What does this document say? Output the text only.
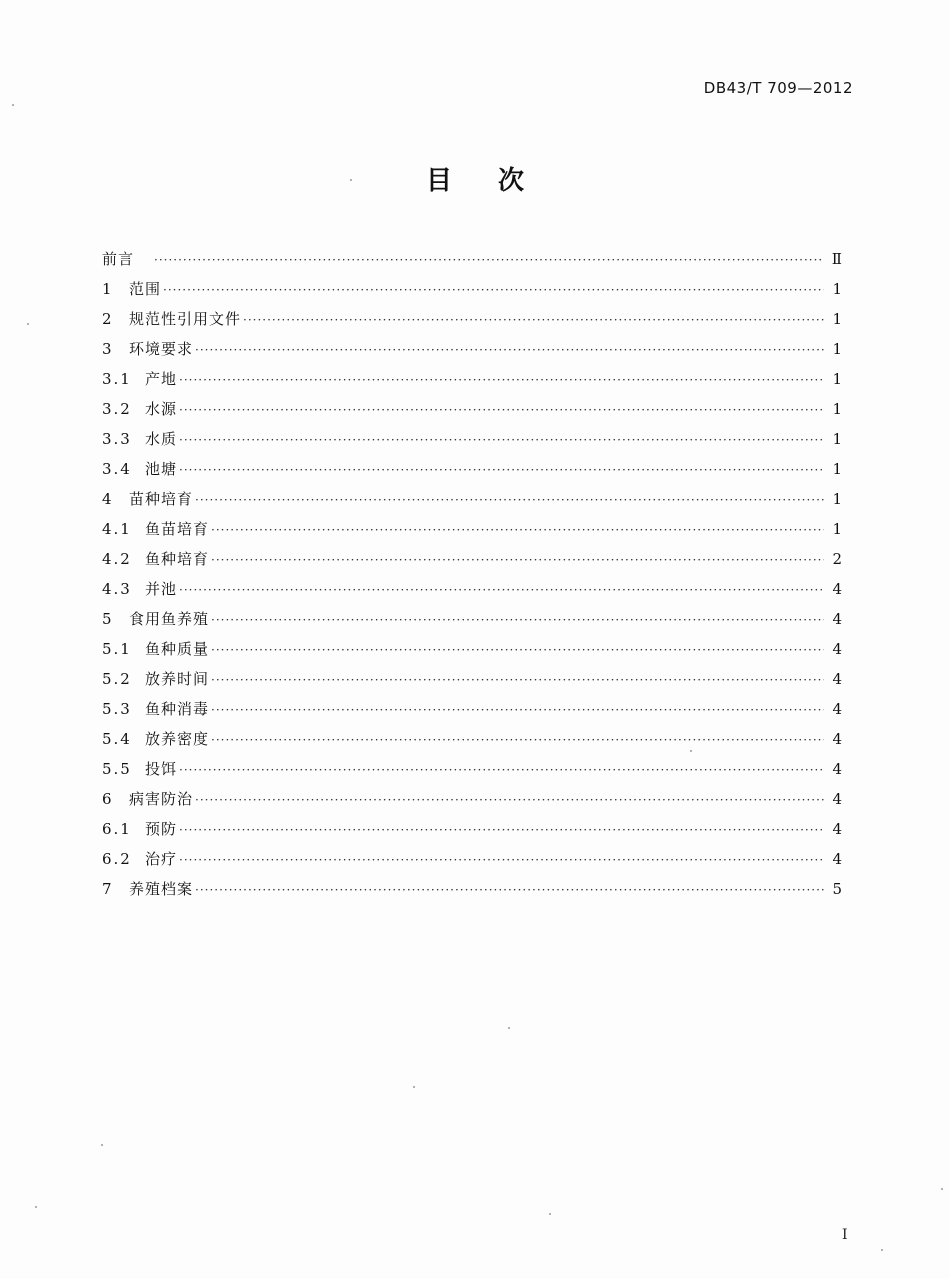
DB43/T 709—2012
目次
前言 ·····	Ⅱ
1	范围 ·····	1
2	规范性引用文件 ·····	1
3	环境要求 ·····	1
3.1 产地 ·····	1
3.2 水源 ·····	1
3.3 水质 ·····	1
3.4 池塘 ·····	1
4	苗种培育 ·····	1
4.1 鱼苗培育 ·····	1
4.2 鱼种培育 ·····	2
4.3 并池 ·····	4
5	食用鱼养殖 ·····	4
5.1 鱼种质量 ·····	4
5.2 放养时间 ·····	4
5.3 鱼种消毒 ·····	4
5.4 放养密度 ·····	4
5.5 投饵 ·····	4
6	病害防治 ·····	4
6.1 预防 ·····	4
6.2 治疗 ·····	4
7	养殖档案 ·····	5
I
